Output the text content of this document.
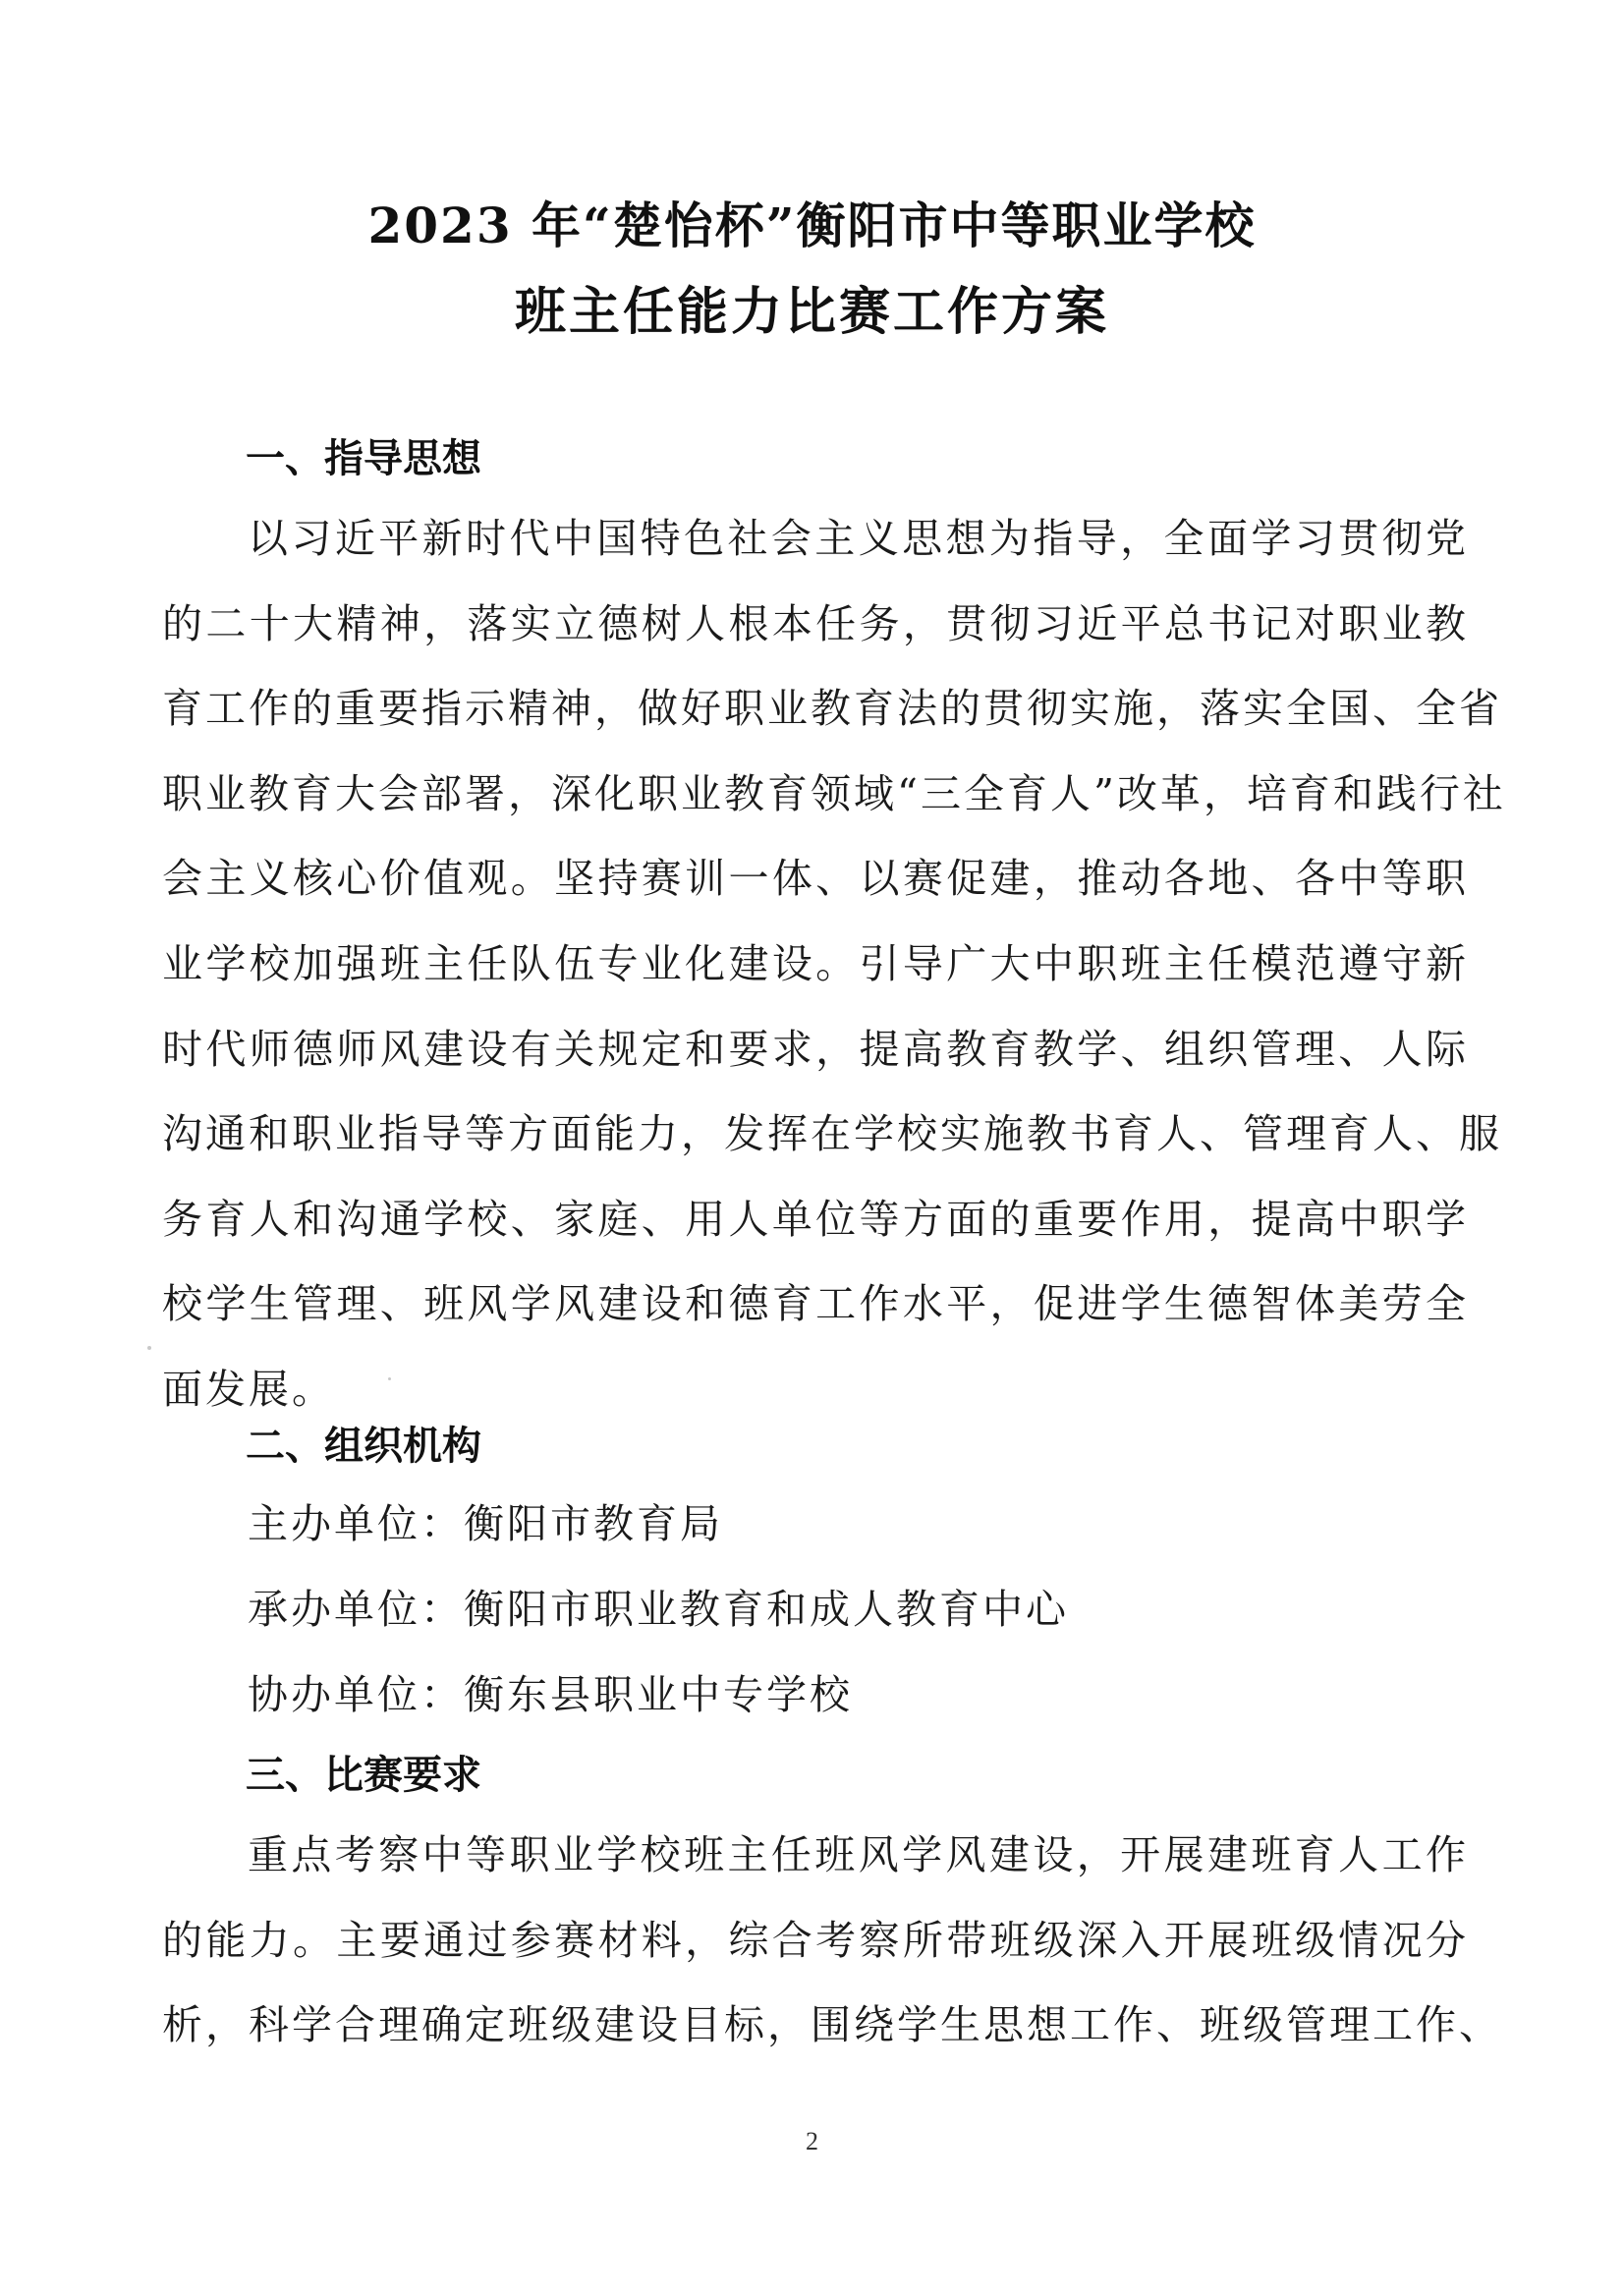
2023 年“楚怡杯”衡阳市中等职业学校
班主任能力比赛工作方案
一、指导思想
以习近平新时代中国特色社会主义思想为指导，全面学习贯彻党
的二十大精神，落实立德树人根本任务，贯彻习近平总书记对职业教
育工作的重要指示精神，做好职业教育法的贯彻实施，落实全国、全省
职业教育大会部署，深化职业教育领域“三全育人”改革，培育和践行社
会主义核心价值观。坚持赛训一体、以赛促建，推动各地、各中等职
业学校加强班主任队伍专业化建设。引导广大中职班主任模范遵守新
时代师德师风建设有关规定和要求，提高教育教学、组织管理、人际
沟通和职业指导等方面能力，发挥在学校实施教书育人、管理育人、服
务育人和沟通学校、家庭、用人单位等方面的重要作用，提高中职学
校学生管理、班风学风建设和德育工作水平，促进学生德智体美劳全
面发展。
二、组织机构
主办单位：衡阳市教育局
承办单位：衡阳市职业教育和成人教育中心
协办单位：衡东县职业中专学校
三、比赛要求
重点考察中等职业学校班主任班风学风建设，开展建班育人工作
的能力。主要通过参赛材料，综合考察所带班级深入开展班级情况分
析，科学合理确定班级建设目标，围绕学生思想工作、班级管理工作、
2
